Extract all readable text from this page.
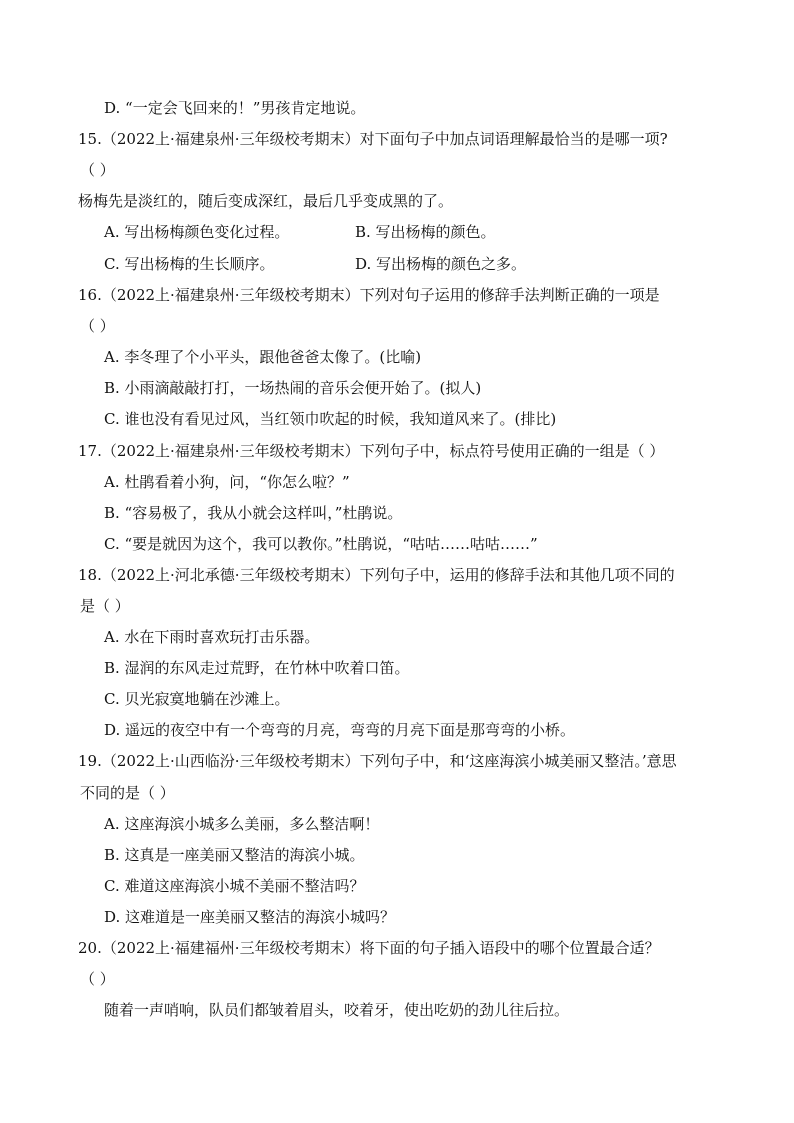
D. “一定会飞回来的！”男孩肯定地说。
15.（2022上·福建泉州·三年级校考期末）对下面句子中加点词语理解最恰当的是哪一项?
（ ）
杨梅先是淡红的，随后变成深红，最后几乎变成黑的了。
A. 写出杨梅颜色变化过程。	B. 写出杨梅的颜色。
C. 写出杨梅的生长顺序。	D. 写出杨梅的颜色之多。
16.（2022上·福建泉州·三年级校考期末）下列对句子运用的修辞手法判断正确的一项是
（ ）
A. 李冬理了个小平头，跟他爸爸太像了。(比喻)
B. 小雨滴敲敲打打，一场热闹的音乐会便开始了。(拟人)
C. 谁也没有看见过风，当红领巾吹起的时候，我知道风来了。(排比)
17.（2022上·福建泉州·三年级校考期末）下列句子中，标点符号使用正确的一组是（ ）
A. 杜鹃看着小狗，问，“你怎么啦？”
B. “容易极了，我从小就会这样叫，”杜鹃说。
C. “要是就因为这个，我可以教你。”杜鹃说，“咕咕……咕咕……”
18.（2022上·河北承德·三年级校考期末）下列句子中，运用的修辞手法和其他几项不同的
是（ ）
A. 水在下雨时喜欢玩打击乐器。
B. 湿润的东风走过荒野，在竹林中吹着口笛。
C. 贝光寂寞地躺在沙滩上。
D. 遥远的夜空中有一个弯弯的月亮，弯弯的月亮下面是那弯弯的小桥。
19.（2022上·山西临汾·三年级校考期末）下列句子中，和‘这座海滨小城美丽又整洁。’意思
不同的是（ ）
A. 这座海滨小城多么美丽，多么整洁啊！
B. 这真是一座美丽又整洁的海滨小城。
C. 难道这座海滨小城不美丽不整洁吗？
D. 这难道是一座美丽又整洁的海滨小城吗？
20.（2022上·福建福州·三年级校考期末）将下面的句子插入语段中的哪个位置最合适？
（ ）
随着一声哨响，队员们都皱着眉头，咬着牙，使出吃奶的劲儿往后拉。
